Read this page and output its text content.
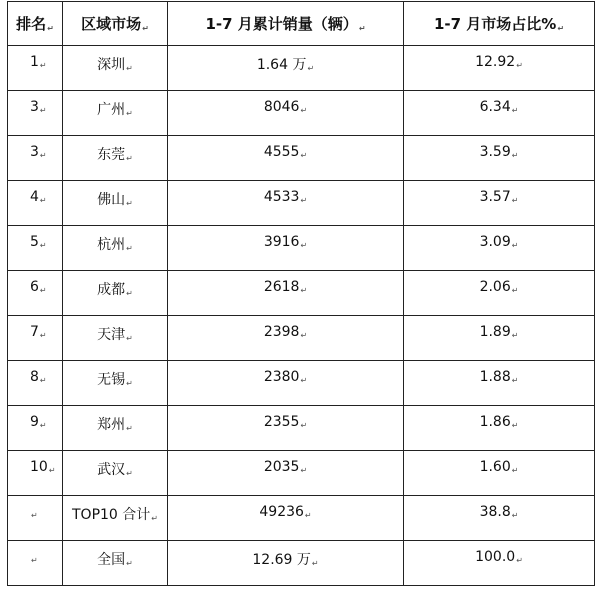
排名↵	区域市场↵	1-7 月累计销量（辆）↵	1-7 月市场占比%↵

1↵	深圳↵	1.64 万↵	12.92↵

3↵	广州↵	8046↵	6.34↵

3↵	东莞↵	4555↵	3.59↵

4↵	佛山↵	4533↵	3.57↵

5↵	杭州↵	3916↵	3.09↵

6↵	成都↵	2618↵	2.06↵

7↵	天津↵	2398↵	1.89↵

8↵	无锡↵	2380↵	1.88↵

9↵	郑州↵	2355↵	1.86↵

10↵	武汉↵	2035↵	1.60↵

↵	TOP10 合计↵	49236↵	38.8↵

↵	全国↵	12.69 万↵	100.0↵
